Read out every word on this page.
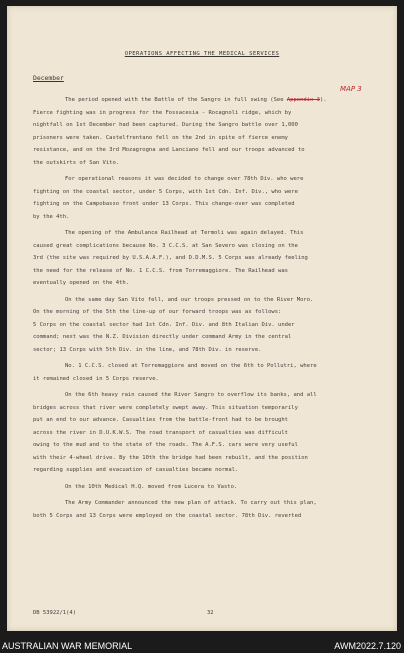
OPERATIONS AFFECTING THE MEDICAL SERVICES
December
MAP 3
The period opened with the Battle of the Sangro in full swing (See Appendix 3).
Fierce fighting was in progress for the Fossacesia - Rocagnoli ridge, which by
nightfall on 1st December had been captured. During the Sangro battle over 1,000
prisoners were taken. Castelfrentano fell on the 2nd in spite of fierce enemy
resistance, and on the 3rd Mozagrogna and Lanciano fell and our troops advanced to
the outskirts of San Vito.
For operational reasons it was decided to change over 78th Div. who were
fighting on the coastal sector, under 5 Corps, with 1st Cdn. Inf. Div., who were
fighting on the Campobasso front under 13 Corps. This change-over was completed
by the 4th.
The opening of the Ambulance Railhead at Termoli was again delayed. This
caused great complications because No. 3 C.C.S. at San Severo was closing on the
3rd (the site was required by U.S.A.A.F.), and D.D.M.S. 5 Corps was already feeling
the need for the release of No. 1 C.C.S. from Torremaggiore. The Railhead was
eventually opened on the 4th.
On the same day San Vito fell, and our troops pressed on to the River Moro.
On the morning of the 5th the line-up of our forward troops was as follows:
5 Corps on the coastal sector had 1st Cdn. Inf. Div. and 8th Italian Div. under
command; next was the N.Z. Division directly under command Army in the central
sector; 13 Corps with 5th Div. in the line, and 78th Div. in reserve.
No. 1 C.C.S. closed at Torremaggiore and moved on the 6th to Pollutri, where
it remained closed in 5 Corps reserve.
On the 6th heavy rain caused the River Sangro to overflow its banks, and all
bridges across that river were completely swept away. This situation temporarily
put an end to our advance. Casualties from the battle-front had to be brought
across the river in D.U.K.W.S. The road transport of casualties was difficult
owing to the mud and to the state of the roads. The A.F.S. cars were very useful
with their 4-wheel drive. By the 10th the bridge had been rebuilt, and the position
regarding supplies and evacuation of casualties became normal.
On the 10th Medical H.Q. moved from Lucera to Vasto.
The Army Commander announced the new plan of attack. To carry out this plan,
both 5 Corps and 13 Corps were employed on the coastal sector. 78th Div. reverted
DB 53922/1(4)	32
AUSTRALIAN WAR MEMORIAL	AWM2022.7.120
